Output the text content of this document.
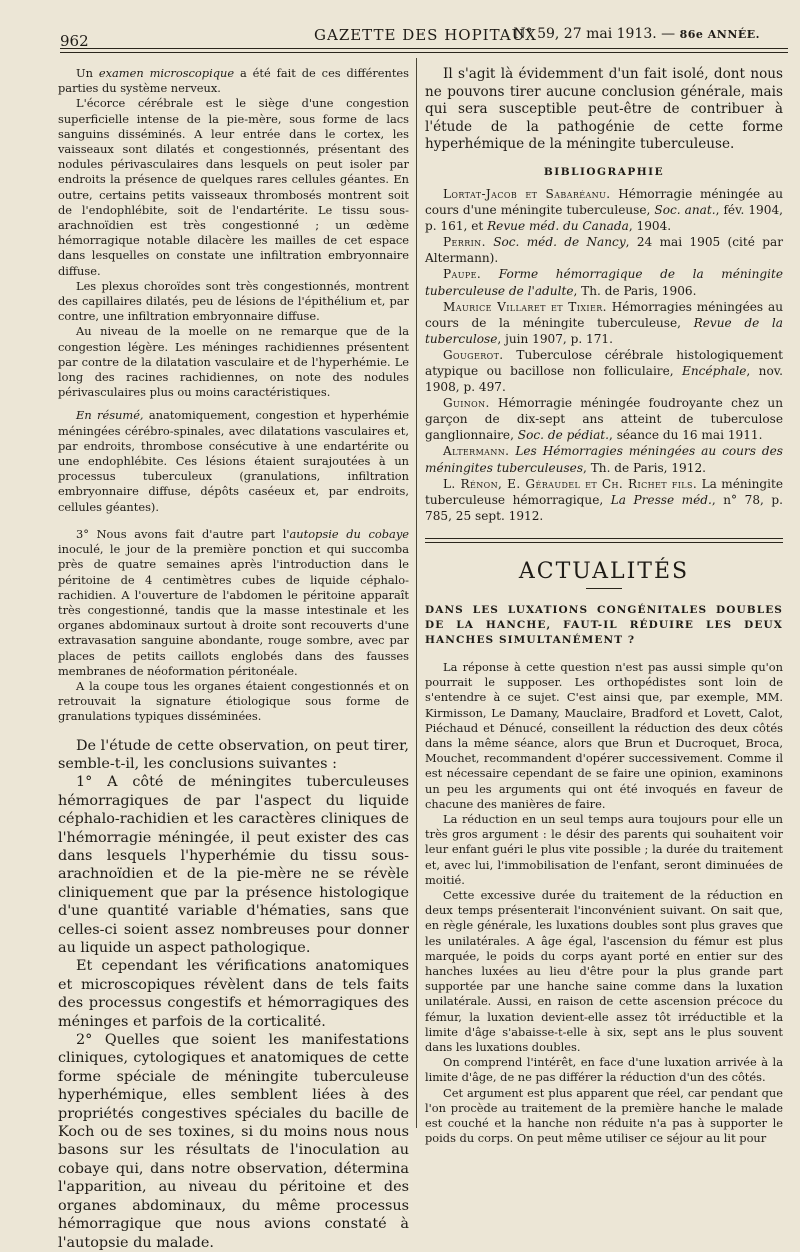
962	GAZETTE DES HOPITAUX
N° 59, 27 mai 1913. — 86e ANNÉE.

Un examen microscopique a été fait de ces différentes parties du système nerveux.

L'écorce cérébrale est le siège d'une congestion superficielle intense de la pie-mère, sous forme de lacs sanguins disséminés. A leur entrée dans le cortex, les vaisseaux sont dilatés et congestionnés, présentant des nodules périvasculaires dans lesquels on peut isoler par endroits la présence de quelques rares cellules géantes. En outre, certains petits vaisseaux thrombosés montrent soit de l'endophlébite, soit de l'endartérite. Le tissu sous-arachnoïdien est très congestionné ; un œdème hémorragique notable dilacère les mailles de cet espace dans lesquelles on constate une infiltration embryonnaire diffuse.

Les plexus choroïdes sont très congestionnés, montrent des capillaires dilatés, peu de lésions de l'épithélium et, par contre, une infiltration embryonnaire diffuse.

Au niveau de la moelle on ne remarque que de la congestion légère. Les méninges rachidiennes présentent par contre de la dilatation vasculaire et de l'hyperhémie. Le long des racines rachidiennes, on note des nodules périvasculaires plus ou moins caractéristiques.

En résumé, anatomiquement, congestion et hyperhémie méningées cérébro-spinales, avec dilatations vasculaires et, par endroits, thrombose consécutive à une endartérite ou une endophlébite. Ces lésions étaient surajoutées à un processus tuberculeux (granulations, infiltration embryonnaire diffuse, dépôts caséeux et, par endroits, cellules géantes).

3° Nous avons fait d'autre part l'autopsie du cobaye inoculé, le jour de la première ponction et qui succomba près de quatre semaines après l'introduction dans le péritoine de 4 centimètres cubes de liquide céphalo-rachidien. A l'ouverture de l'abdomen le péritoine apparaît très congestionné, tandis que la masse intestinale et les organes abdominaux surtout à droite sont recouverts d'une extravasation sanguine abondante, rouge sombre, avec par places de petits caillots englobés dans des fausses membranes de néoformation péritonéale.

A la coupe tous les organes étaient congestionnés et on retrouvait la signature étiologique sous forme de granulations typiques disséminées.

De l'étude de cette observation, on peut tirer, semble-t-il, les conclusions suivantes :

1° A côté de méningites tuberculeuses hémorragiques de par l'aspect du liquide céphalo-rachidien et les caractères cliniques de l'hémorragie méningée, il peut exister des cas dans lesquels l'hyperhémie du tissu sous-arachnoïdien et de la pie-mère ne se révèle cliniquement que par la présence histologique d'une quantité variable d'hématies, sans que celles-ci soient assez nombreuses pour donner au liquide un aspect pathologique.

Et cependant les vérifications anatomiques et microscopiques révèlent dans de tels faits des processus congestifs et hémorragiques des méninges et parfois de la corticalité.

2° Quelles que soient les manifestations cliniques, cytologiques et anatomiques de cette forme spéciale de méningite tuberculeuse hyperhémique, elles semblent liées à des propriétés congestives spéciales du bacille de Koch ou de ses toxines, si du moins nous nous basons sur les résultats de l'inoculation au cobaye qui, dans notre observation, détermina l'apparition, au niveau du péritoine et des organes abdominaux, du même processus hémorragique que nous avions constaté à l'autopsie du malade.

Il s'agit là évidemment d'un fait isolé, dont nous ne pouvons tirer aucune conclusion générale, mais qui sera susceptible peut-être de contribuer à l'étude de la pathogénie de cette forme hyperhémique de la méningite tuberculeuse.

BIBLIOGRAPHIE

Lortat-Jacob et Sabaréanu. Hémorragie méningée au cours d'une méningite tuberculeuse, Soc. anat., fév. 1904, p. 161, et Revue méd. du Canada, 1904.

Perrin. Soc. méd. de Nancy, 24 mai 1905 (cité par Altermann).

Paupe. Forme hémorragique de la méningite tuberculeuse de l'adulte, Th. de Paris, 1906.

Maurice Villaret et Tixier. Hémorragies méningées au cours de la méningite tuberculeuse, Revue de la tuberculose, juin 1907, p. 171.

Gougerot. Tuberculose cérébrale histologiquement atypique ou bacillose non folliculaire, Encéphale, nov. 1908, p. 497.

Guinon. Hémorragie méningée foudroyante chez un garçon de dix-sept ans atteint de tuberculose ganglionnaire, Soc. de pédiat., séance du 16 mai 1911.

Altermann. Les Hémorragies méningées au cours des méningites tuberculeuses, Th. de Paris, 1912.

L. Rénon, E. Géraudel et Ch. Richet fils. La méningite tuberculeuse hémorragique, La Presse méd., n° 78, p. 785, 25 sept. 1912.

ACTUALITÉS
DANS LES LUXATIONS CONGÉNITALES DOUBLES DE LA HANCHE, FAUT-IL RÉDUIRE LES DEUX HANCHES SIMULTANÉMENT ?

La réponse à cette question n'est pas aussi simple qu'on pourrait le supposer. Les orthopédistes sont loin de s'entendre à ce sujet. C'est ainsi que, par exemple, MM. Kirmisson, Le Damany, Mauclaire, Bradford et Lovett, Calot, Piéchaud et Dénucé, conseillent la réduction des deux côtés dans la même séance, alors que Brun et Ducroquet, Broca, Mouchet, recommandent d'opérer successivement. Comme il est nécessaire cependant de se faire une opinion, examinons un peu les arguments qui ont été invoqués en faveur de chacune des manières de faire.

La réduction en un seul temps aura toujours pour elle un très gros argument : le désir des parents qui souhaitent voir leur enfant guéri le plus vite possible ; la durée du traitement et, avec lui, l'immobilisation de l'enfant, seront diminuées de moitié.

Cette excessive durée du traitement de la réduction en deux temps présenterait l'inconvénient suivant. On sait que, en règle générale, les luxations doubles sont plus graves que les unilatérales. A âge égal, l'ascension du fémur est plus marquée, le poids du corps ayant porté en entier sur des hanches luxées au lieu d'être pour la plus grande part supportée par une hanche saine comme dans la luxation unilatérale. Aussi, en raison de cette ascension précoce du fémur, la luxation devient-elle assez tôt irréductible et la limite d'âge s'abaisse-t-elle à six, sept ans le plus souvent dans les luxations doubles.

On comprend l'intérêt, en face d'une luxation arrivée à la limite d'âge, de ne pas différer la réduction d'un des côtés.

Cet argument est plus apparent que réel, car pendant que l'on procède au traitement de la première hanche le malade est couché et la hanche non réduite n'a pas à supporter le poids du corps. On peut même utiliser ce séjour au lit pour
